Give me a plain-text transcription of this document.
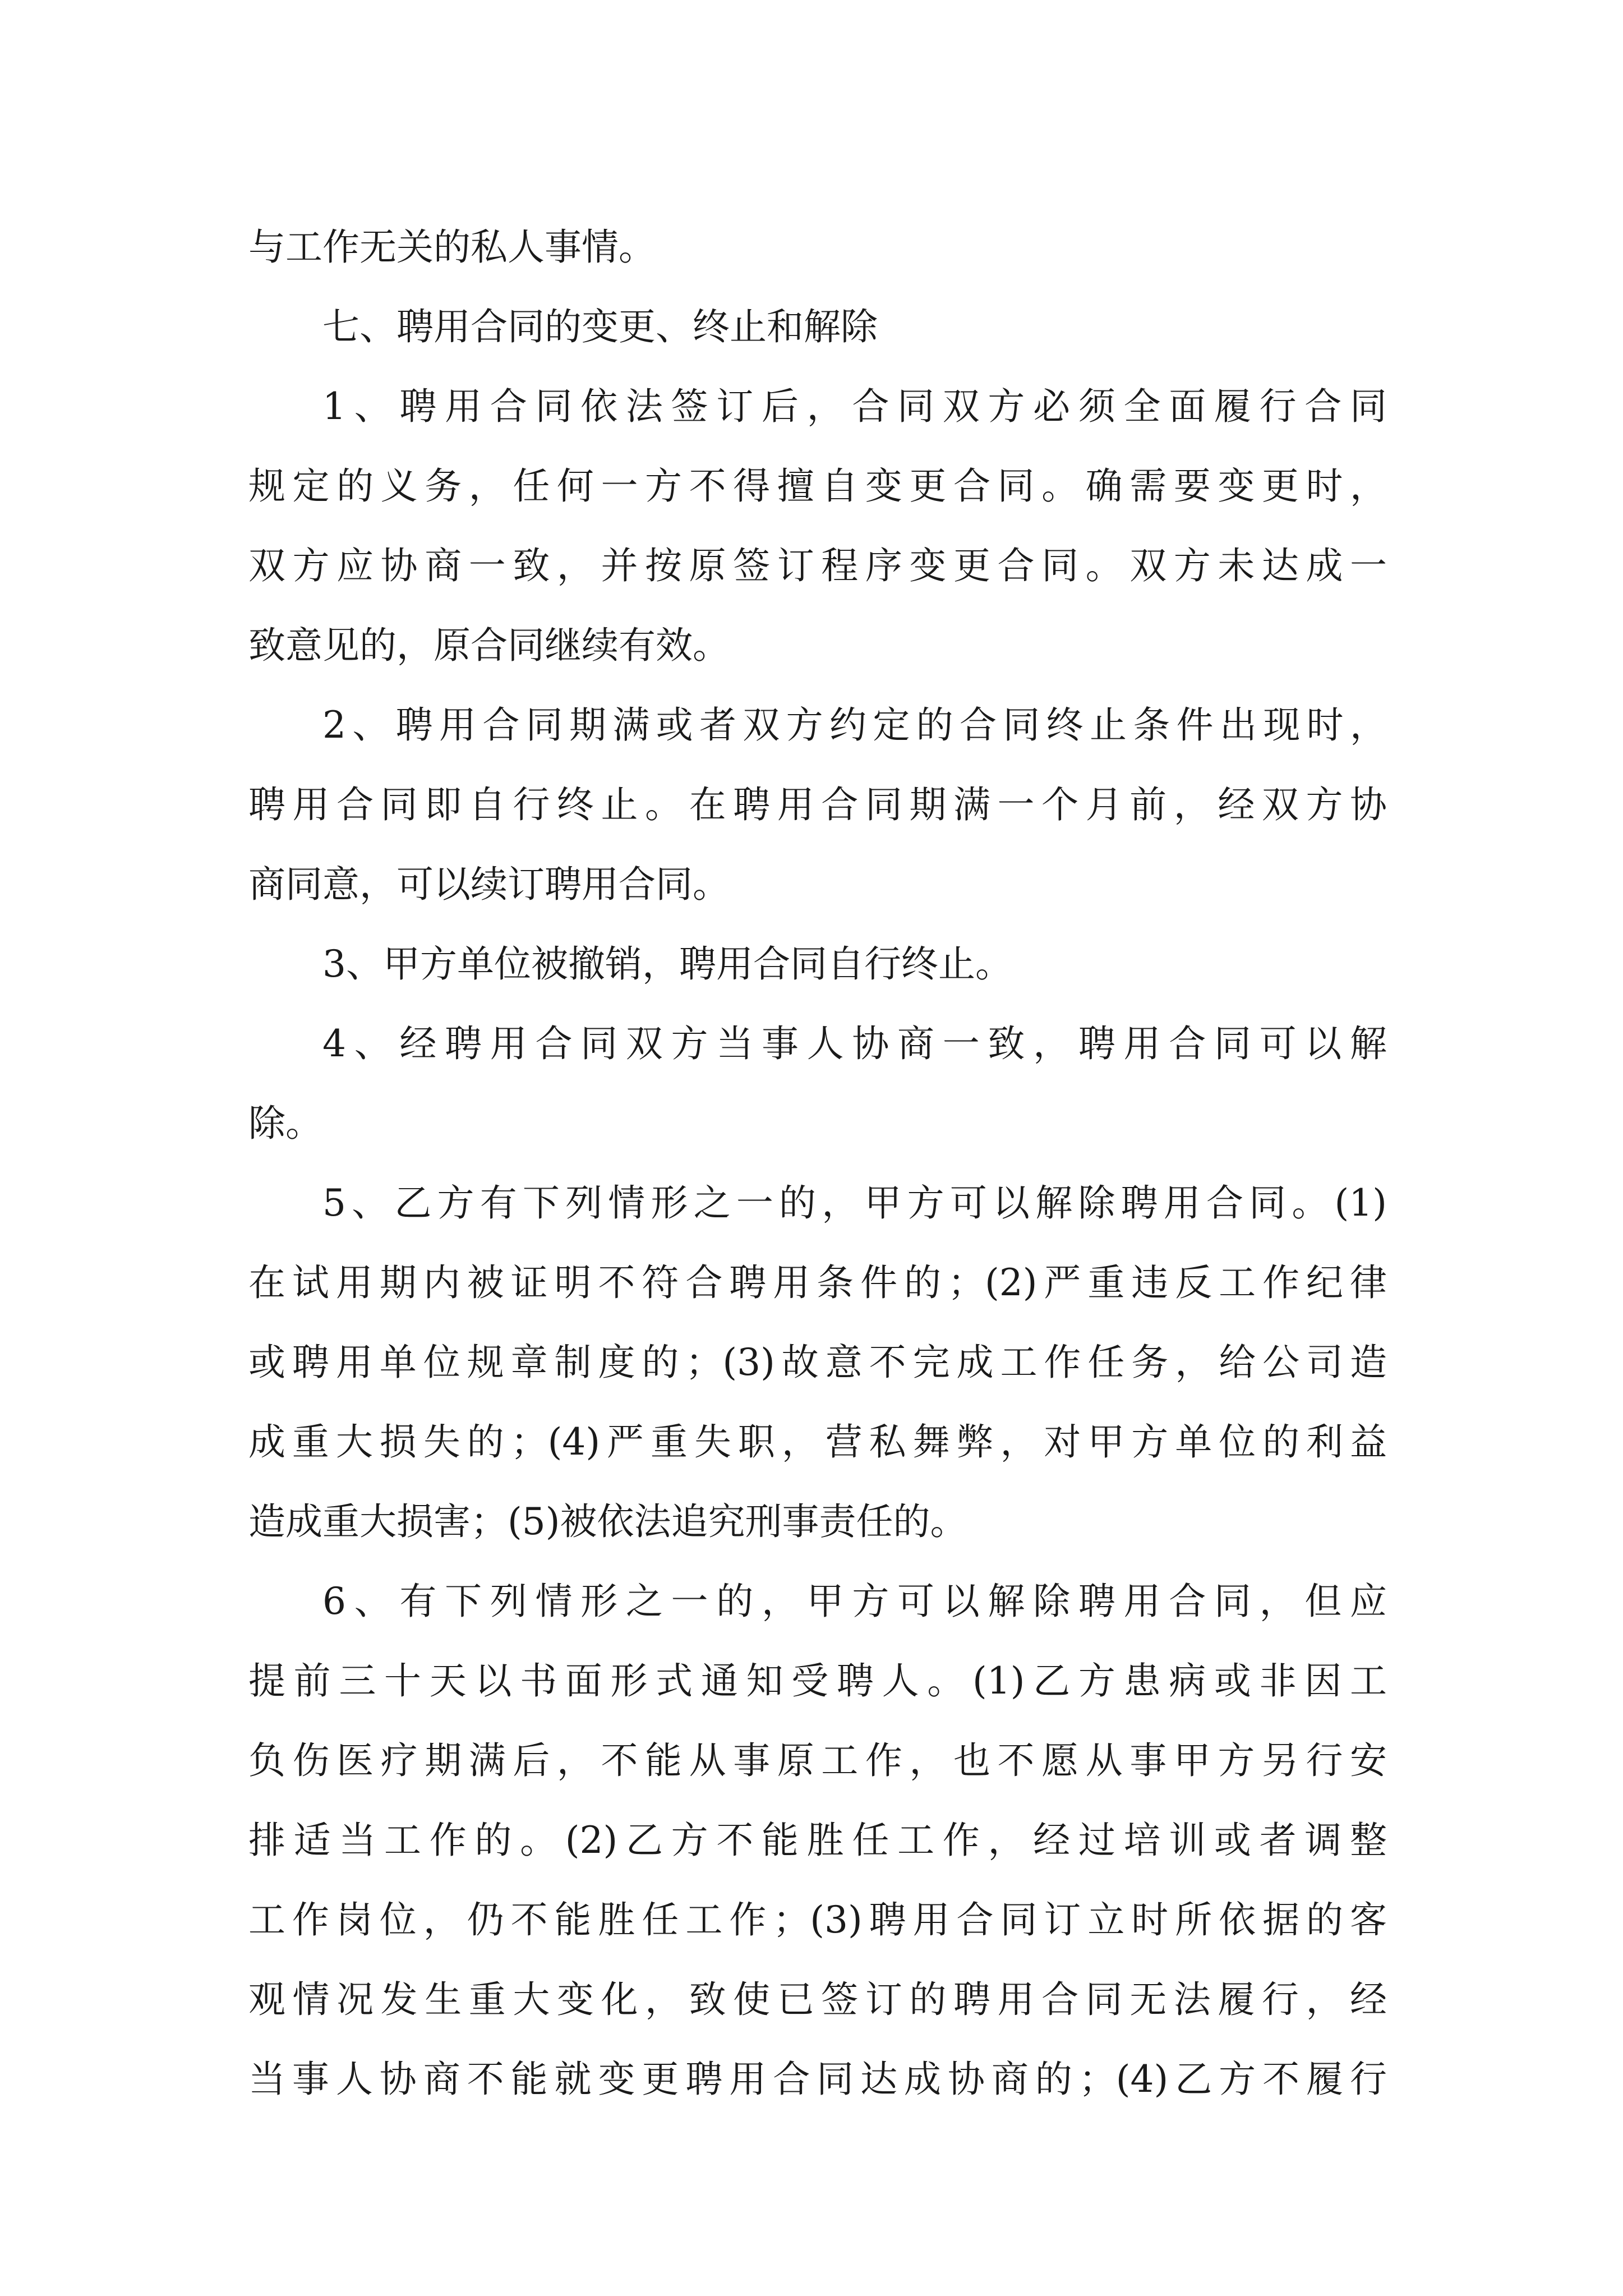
与工作无关的私人事情。
七、聘用合同的变更、终止和解除
1、聘用合同依法签订后，合同双方必须全面履行合同
规定的义务，任何一方不得擅自变更合同。确需要变更时，
双方应协商一致，并按原签订程序变更合同。双方未达成一
致意见的，原合同继续有效。
2、聘用合同期满或者双方约定的合同终止条件出现时，
聘用合同即自行终止。在聘用合同期满一个月前，经双方协
商同意，可以续订聘用合同。
3、甲方单位被撤销，聘用合同自行终止。
4、经聘用合同双方当事人协商一致，聘用合同可以解
除。
5、乙方有下列情形之一的，甲方可以解除聘用合同。(1)
在试用期内被证明不符合聘用条件的；(2)严重违反工作纪律
或聘用单位规章制度的；(3)故意不完成工作任务，给公司造
成重大损失的；(4)严重失职，营私舞弊，对甲方单位的利益
造成重大损害；(5)被依法追究刑事责任的。
6、有下列情形之一的，甲方可以解除聘用合同，但应
提前三十天以书面形式通知受聘人。(1)乙方患病或非因工
负伤医疗期满后，不能从事原工作，也不愿从事甲方另行安
排适当工作的。(2)乙方不能胜任工作，经过培训或者调整
工作岗位，仍不能胜任工作；(3)聘用合同订立时所依据的客
观情况发生重大变化，致使已签订的聘用合同无法履行，经
当事人协商不能就变更聘用合同达成协商的；(4)乙方不履行
